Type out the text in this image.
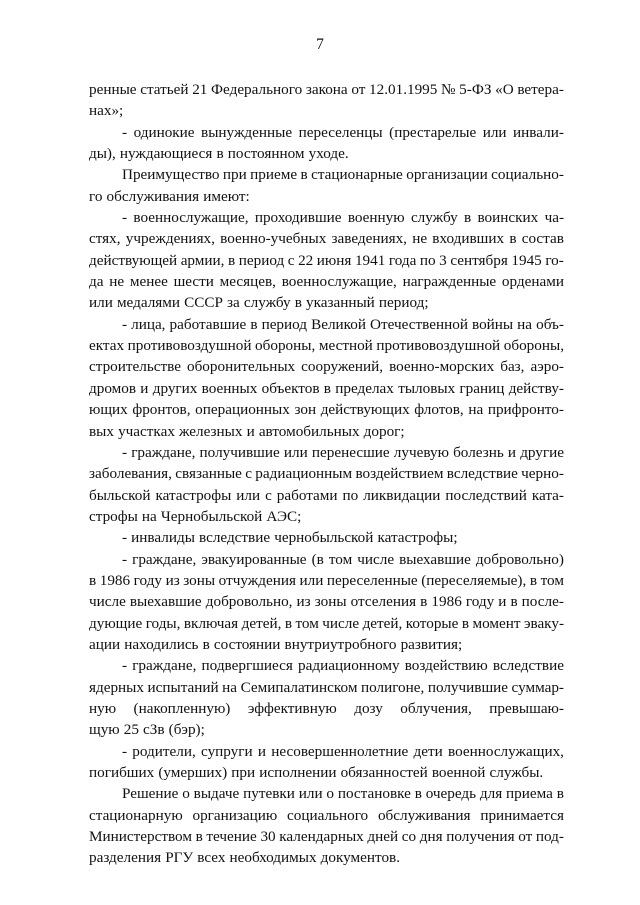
7
ренные статьей 21 Федерального закона от 12.01.1995 № 5-ФЗ «О ветера-
нах»;
- одинокие вынужденные переселенцы (престарелые или инвали-
ды), нуждающиеся в постоянном уходе.
Преимущество при приеме в стационарные организации социально-
го обслуживания имеют:
- военнослужащие, проходившие военную службу в воинских ча-
стях, учреждениях, военно-учебных заведениях, не входивших в состав
действующей армии, в период с 22 июня 1941 года по 3 сентября 1945 го-
да не менее шести месяцев, военнослужащие, награжденные орденами
или медалями СССР за службу в указанный период;
- лица, работавшие в период Великой Отечественной войны на объ-
ектах противовоздушной обороны, местной противовоздушной обороны,
строительстве оборонительных сооружений, военно-морских баз, аэро-
дромов и других военных объектов в пределах тыловых границ действу-
ющих фронтов, операционных зон действующих флотов, на прифронто-
вых участках железных и автомобильных дорог;
- граждане, получившие или перенесшие лучевую болезнь и другие
заболевания, связанные с радиационным воздействием вследствие черно-
быльской катастрофы или с работами по ликвидации последствий ката-
строфы на Чернобыльской АЭС;
- инвалиды вследствие чернобыльской катастрофы;
- граждане, эвакуированные (в том числе выехавшие добровольно)
в 1986 году из зоны отчуждения или переселенные (переселяемые), в том
числе выехавшие добровольно, из зоны отселения в 1986 году и в после-
дующие годы, включая детей, в том числе детей, которые в момент эваку-
ации находились в состоянии внутриутробного развития;
- граждане, подвергшиеся радиационному воздействию вследствие
ядерных испытаний на Семипалатинском полигоне, получившие суммар-
ную (накопленную) эффективную дозу облучения, превышаю-
щую 25 сЗв (бэр);
- родители, супруги и несовершеннолетние дети военнослужащих,
погибших (умерших) при исполнении обязанностей военной службы.
Решение о выдаче путевки или о постановке в очередь для приема в
стационарную организацию социального обслуживания принимается
Министерством в течение 30 календарных дней со дня получения от под-
разделения РГУ всех необходимых документов.
